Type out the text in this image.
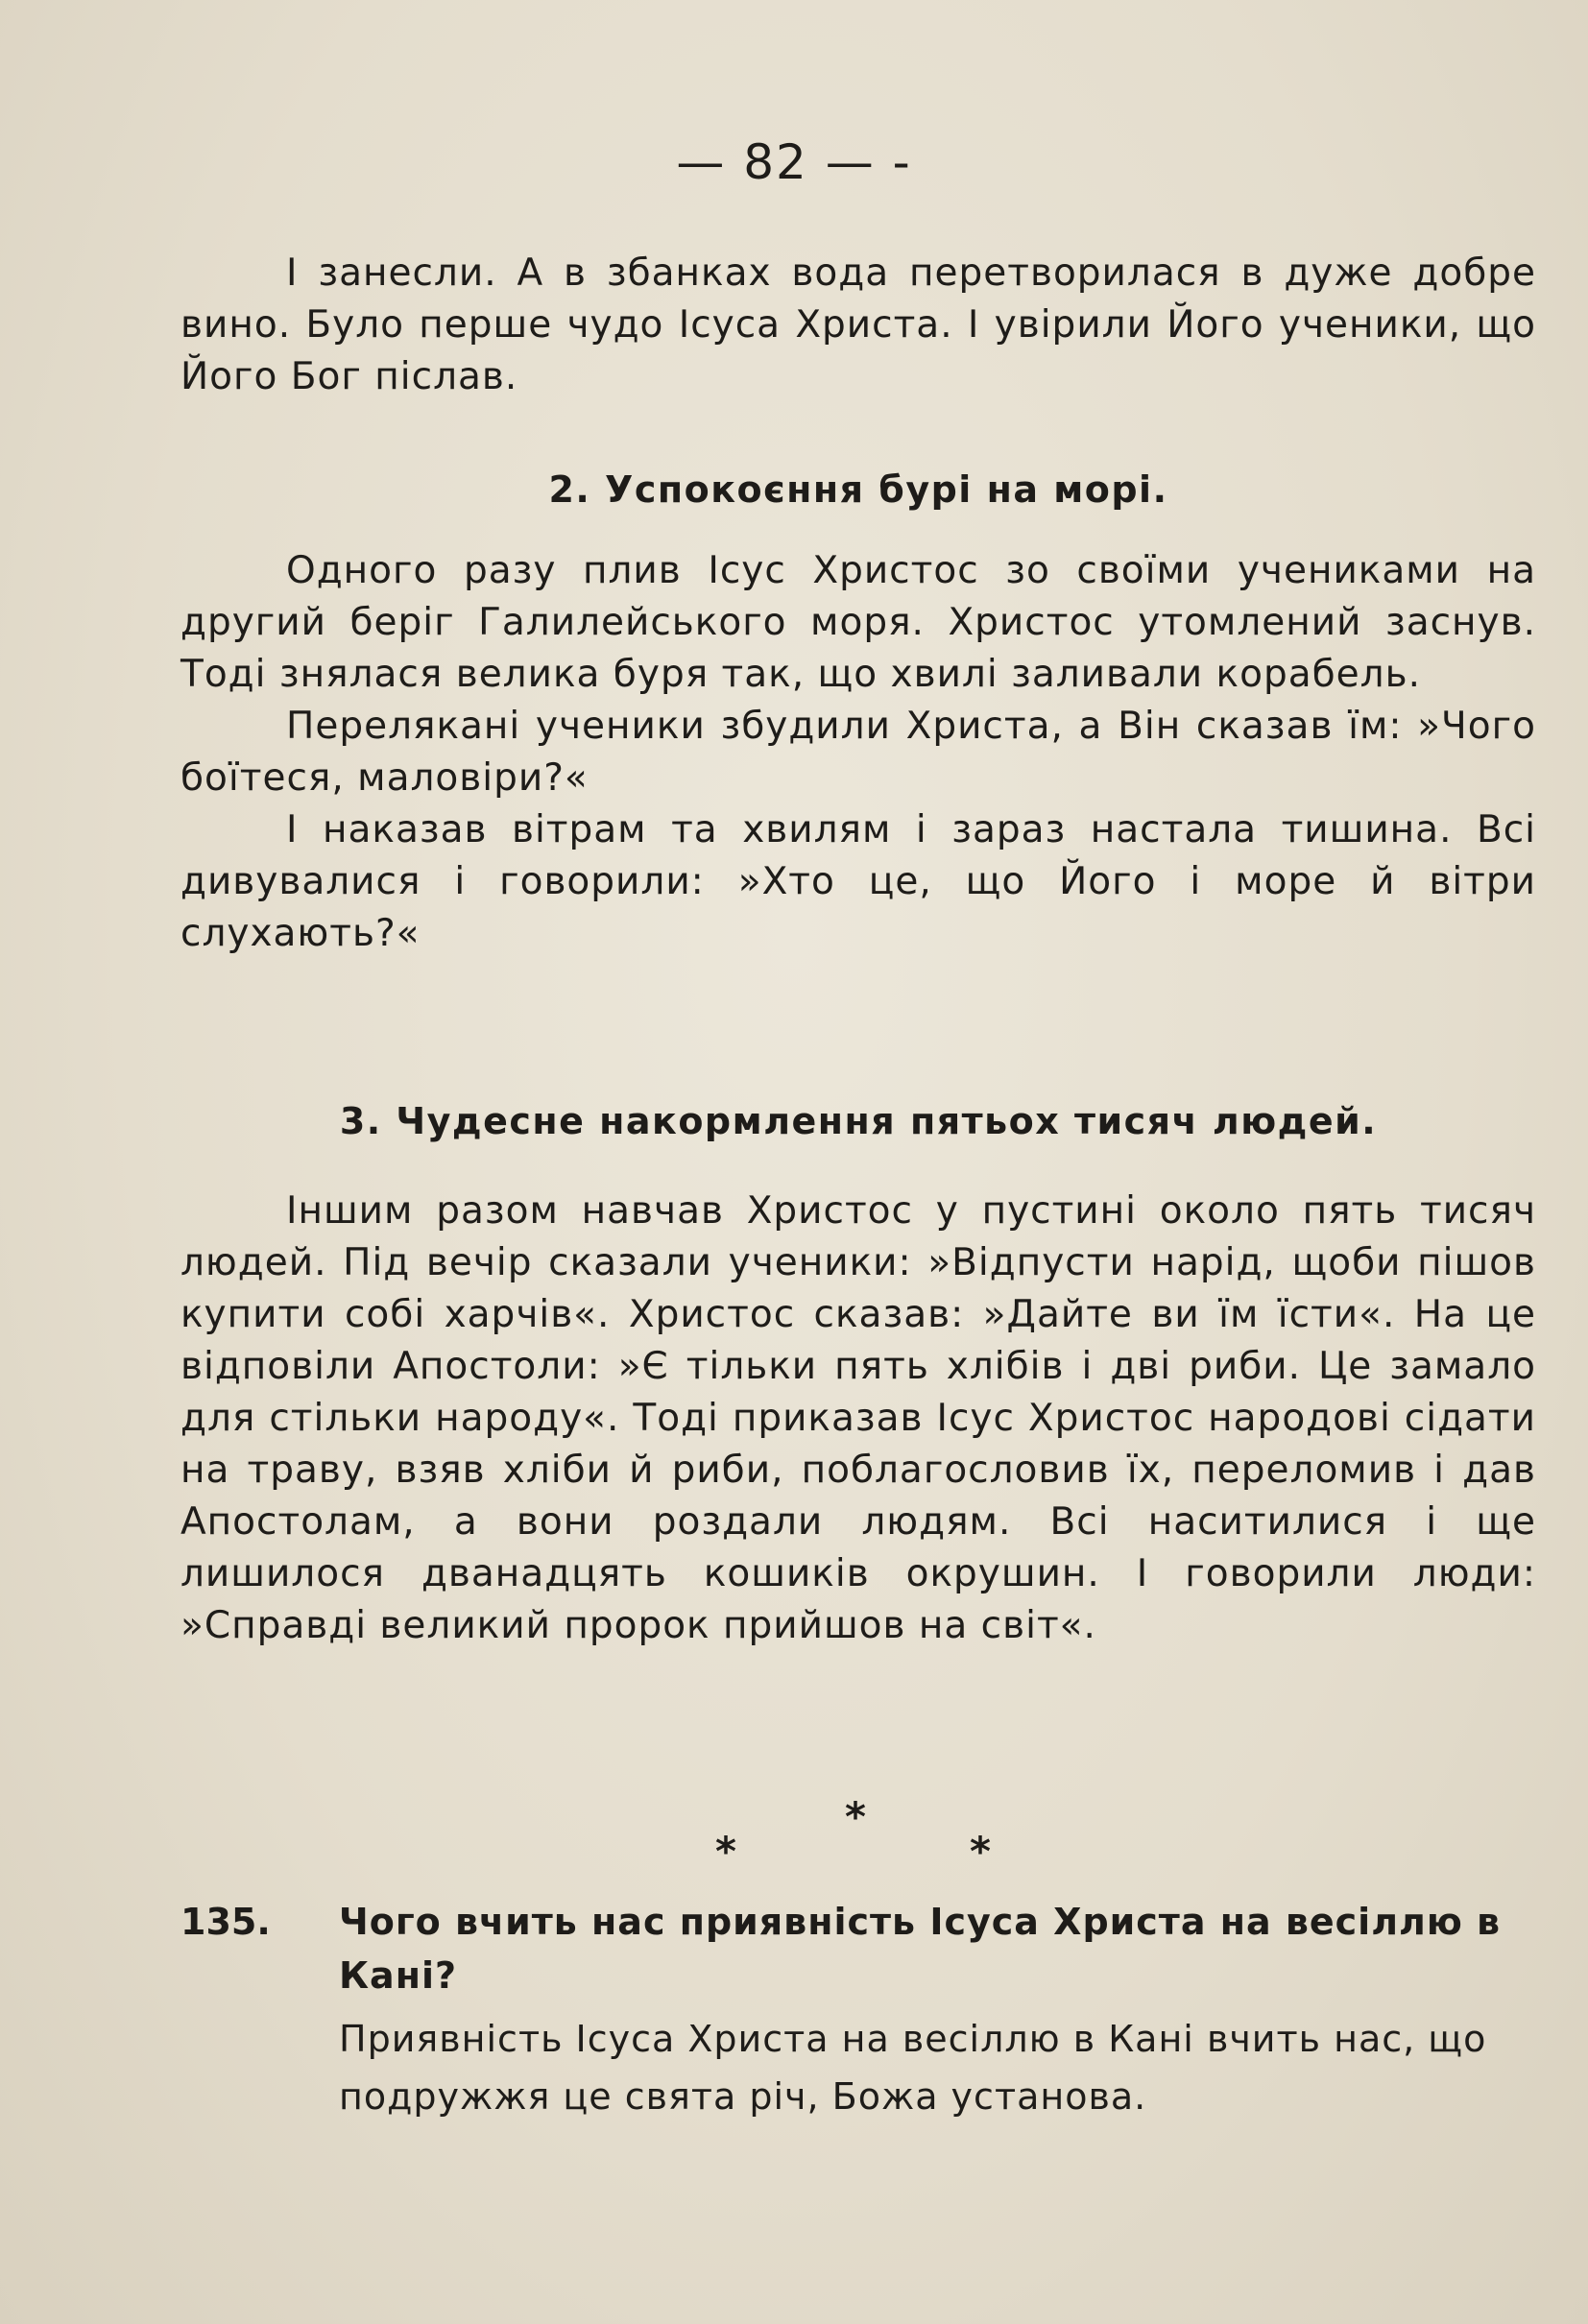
— 82 — -

І занесли. А в збанках вода перетворилася в дуже добре вино. Було перше чудо Ісуса Христа. І увірили Його ученики, що Його Бог післав.

2. Успокоєння бурі на морі.

Одного разу плив Ісус Христос зо своїми учениками на другий беріг Галилейського моря. Христос утомлений заснув. Тоді знялася велика буря так, що хвилі заливали корабель.

Перелякані ученики збудили Христа, а Він сказав їм: »Чого боїтеся, маловіри?«

І наказав вітрам та хвилям і зараз настала тишина. Всі дивувалися і говорили: »Хто це, що Його і море й вітри слухають?«

3. Чудесне накормлення пятьох тисяч людей.

Іншим разом навчав Христос у пустині около пять тисяч людей. Під вечір сказали ученики: »Відпусти нарід, щоби пішов купити собі харчів«. Христос сказав: »Дайте ви їм їсти«. На це відповіли Апостоли: »Є тільки пять хлібів і дві риби. Це замало для стільки народу«. Тоді приказав Ісус Христос народові сідати на траву, взяв хліби й риби, поблагословив їх, переломив і дав Апостолам, а вони роздали людям. Всі наситилися і ще лишилося дванадцять кошиків окрушин. І говорили люди: »Справді великий пророк прийшов на світ«.

*
*	*
135. Чого вчить нас приявність Ісуса Христа на весіллю в Кані?
Приявність Ісуса Христа на весіллю в Кані вчить нас, що подружжя це свята річ, Божа установа.
